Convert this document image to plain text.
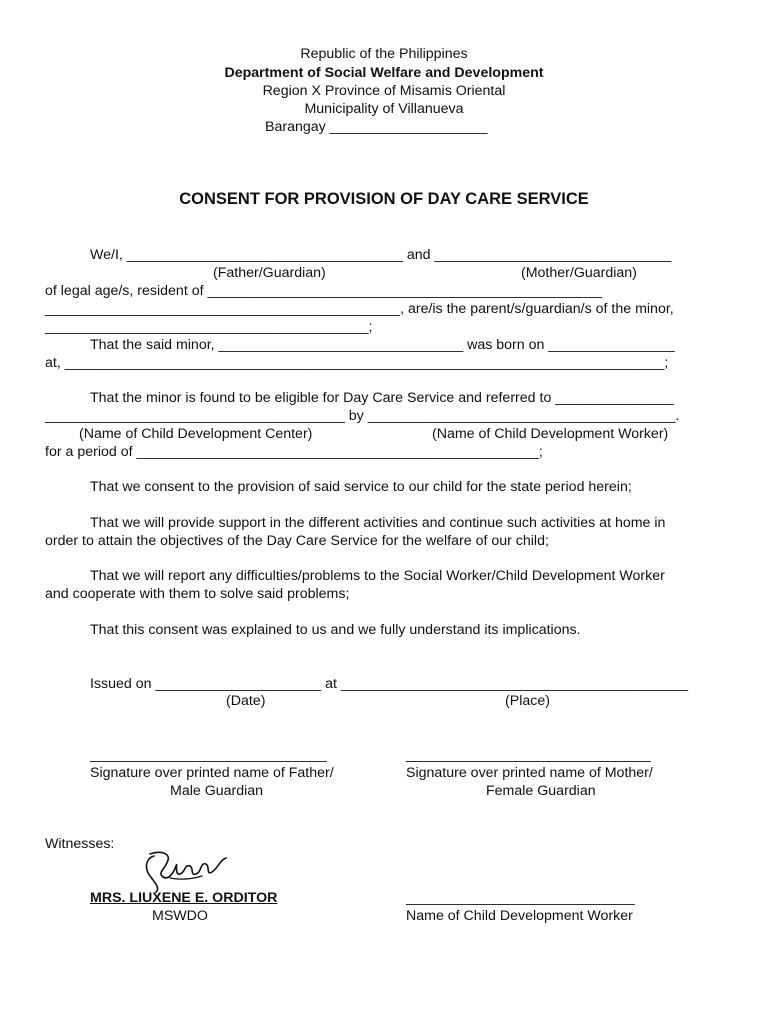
Republic of the Philippines
Department of Social Welfare and Development
Region X Province of Misamis Oriental
Municipality of Villanueva
Barangay ____________________
CONSENT FOR PROVISION OF DAY CARE SERVICE
We/I, ___________________________________ and ______________________________
(Father/Guardian)	(Mother/Guardian)
of legal age/s, resident of __________________________________________________
_____________________________________________, are/is the parent/s/guardian/s of the minor,
_________________________________________;
That the said minor, _______________________________ was born on ________________
at, ____________________________________________________________________________;
That the minor is found to be eligible for Day Care Service and referred to _______________
______________________________________ by _______________________________________.
(Name of Child Development Center)	(Name of Child Development Worker)
for a period of ___________________________________________________;
That we consent to the provision of said service to our child for the state period herein;
That we will provide support in the different activities and continue such activities at home in
order to attain the objectives of the Day Care Service for the welfare of our child;
That we will report any difficulties/problems to the Social Worker/Child Development Worker
and cooperate with them to solve said problems;
That this consent was explained to us and we fully understand its implications.
Issued on _____________________ at ____________________________________________
(Date)	(Place)
______________________________
Signature over printed name of Father/
Male Guardian
_______________________________
Signature over printed name of Mother/
Female Guardian
Witnesses:
MRS. LIUXENE E. ORDITOR
MSWDO
_____________________________
Name of Child Development Worker
